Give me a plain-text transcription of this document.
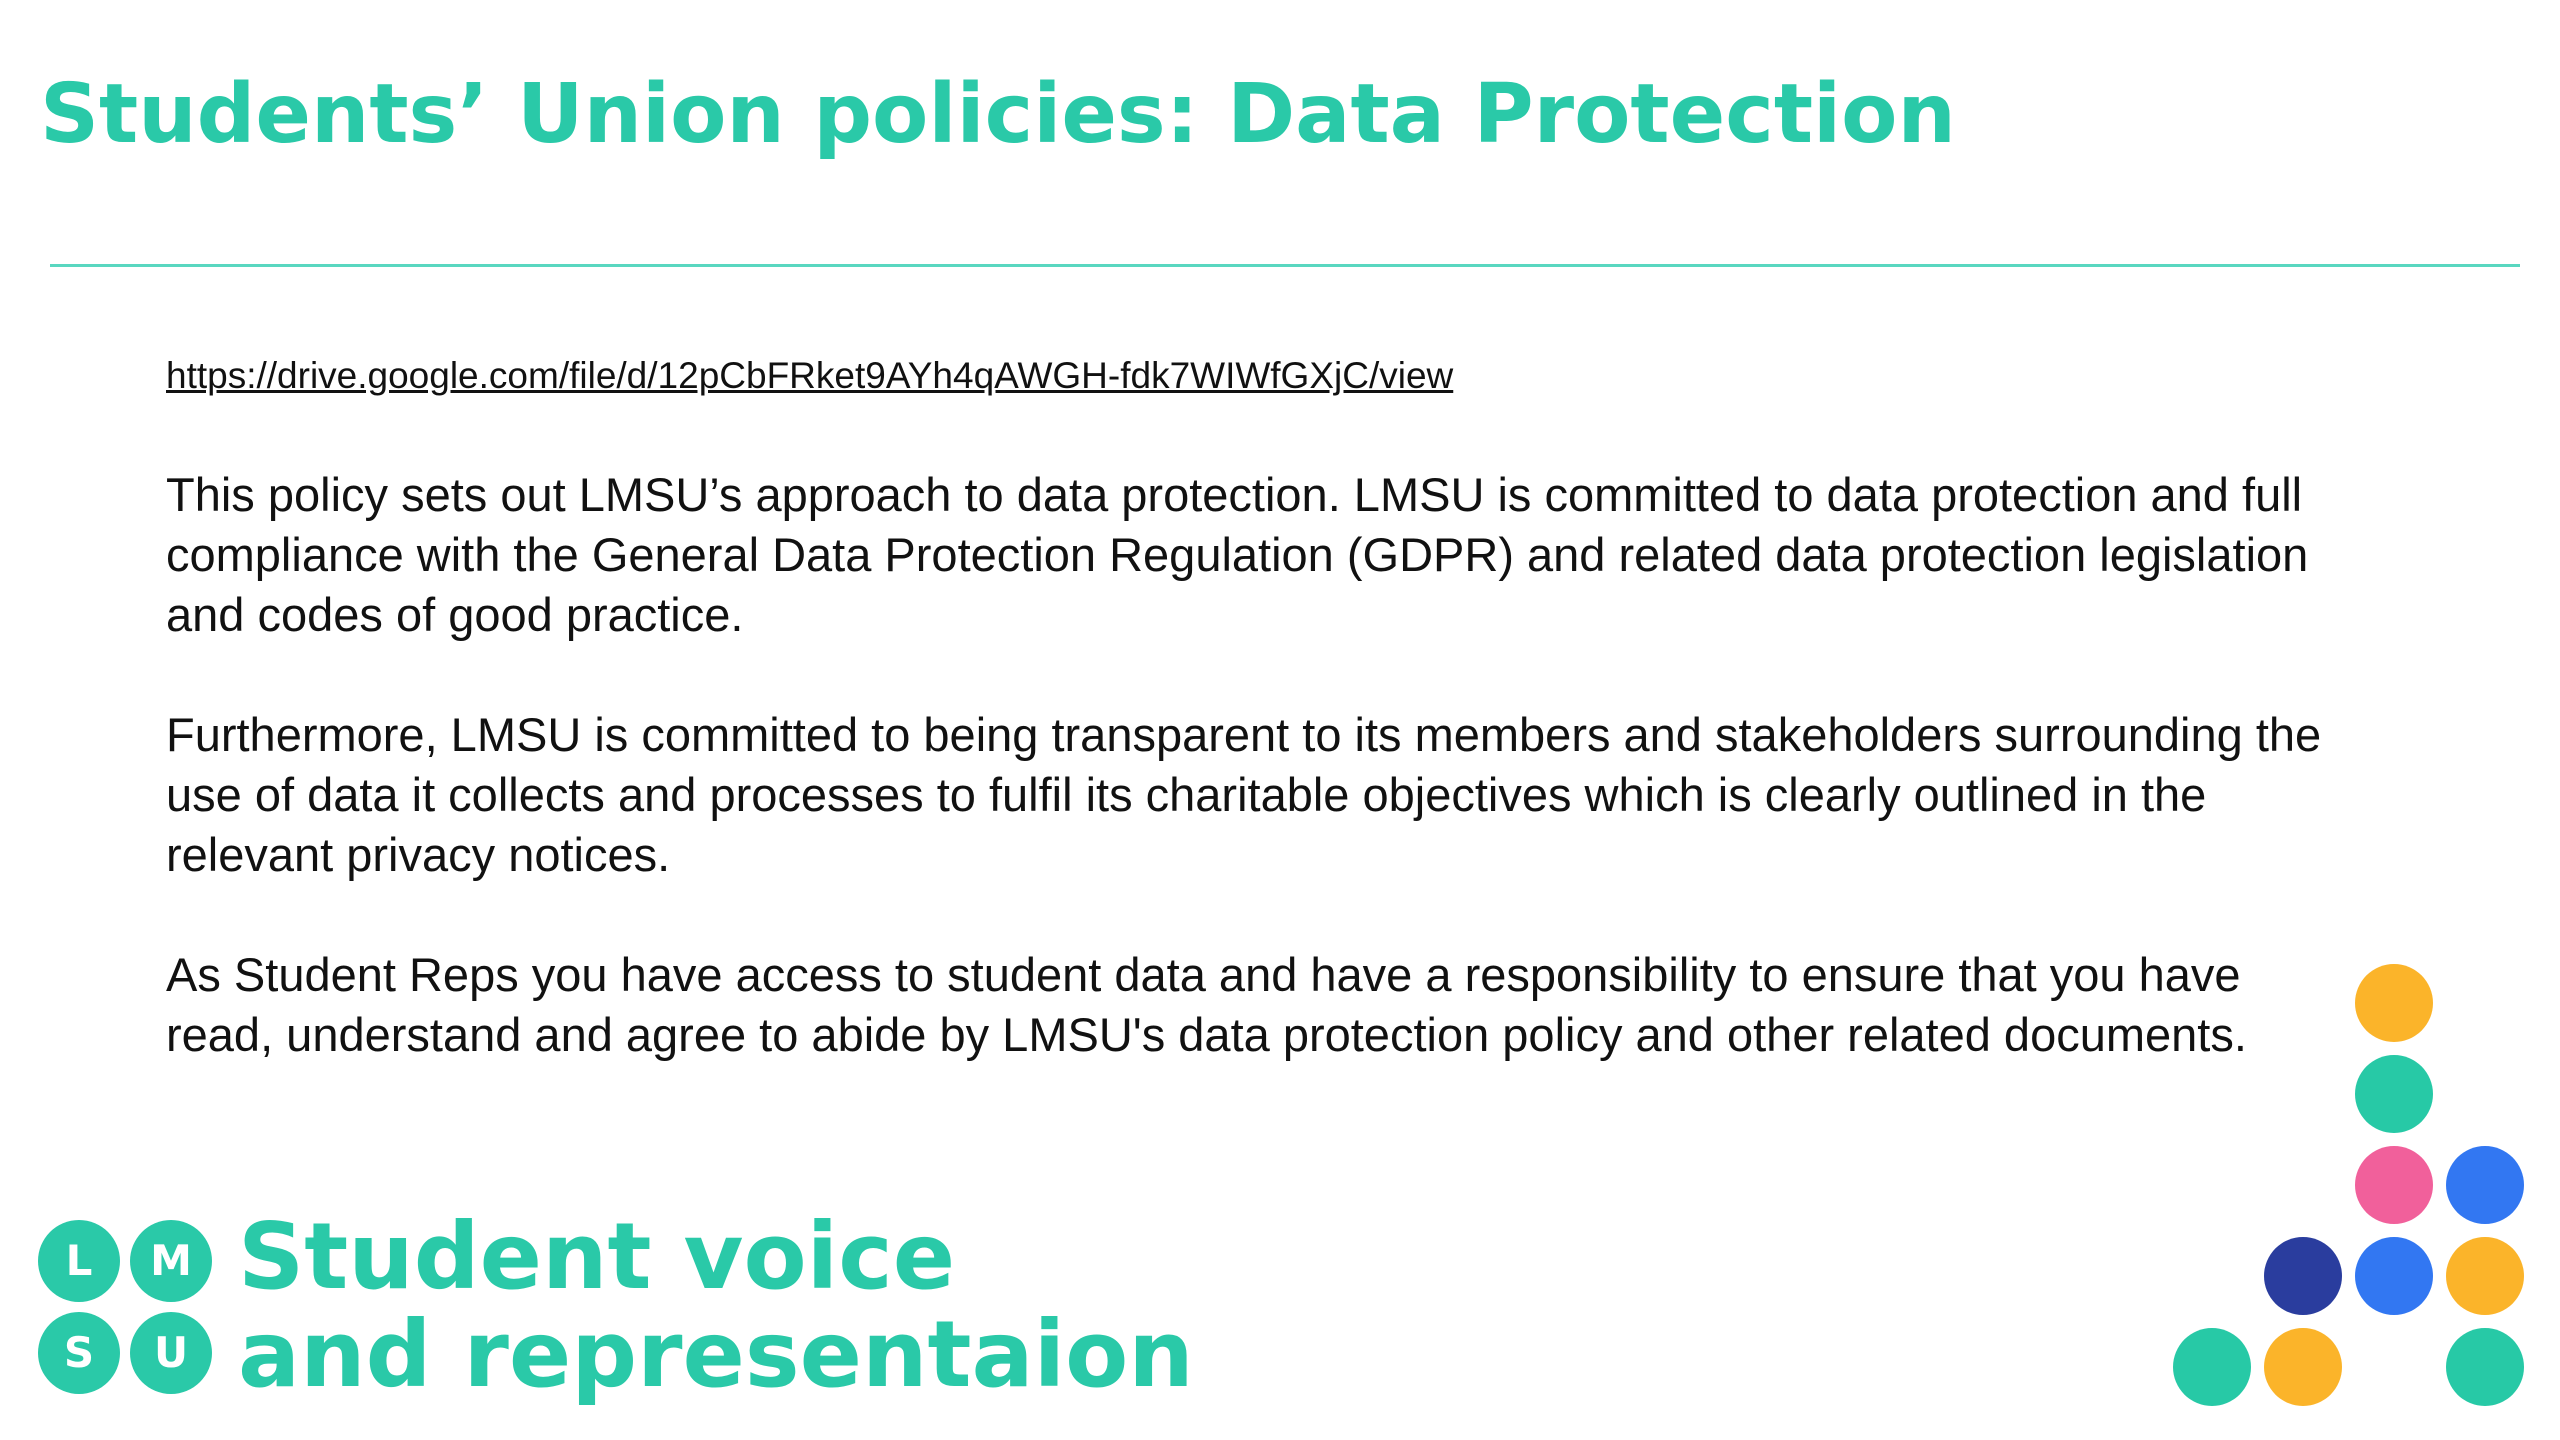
Students’ Union policies: Data Protection
https://drive.google.com/file/d/12pCbFRket9AYh4qAWGH-fdk7WIWfGXjC/view

This policy sets out LMSU’s approach to data protection. LMSU is committed to data protection and full compliance with the General Data Protection Regulation (GDPR) and related data protection legislation and codes of good practice.

Furthermore, LMSU is committed to being transparent to its members and stakeholders surrounding the use of data it collects and processes to fulfil its charitable objectives which is clearly outlined in the relevant privacy notices.

As Student Reps you have access to student data and have a responsibility to ensure that you have read, understand and agree to abide by LMSU's data protection policy and other related documents.

L	M
S	U
Student voice
and representaion
